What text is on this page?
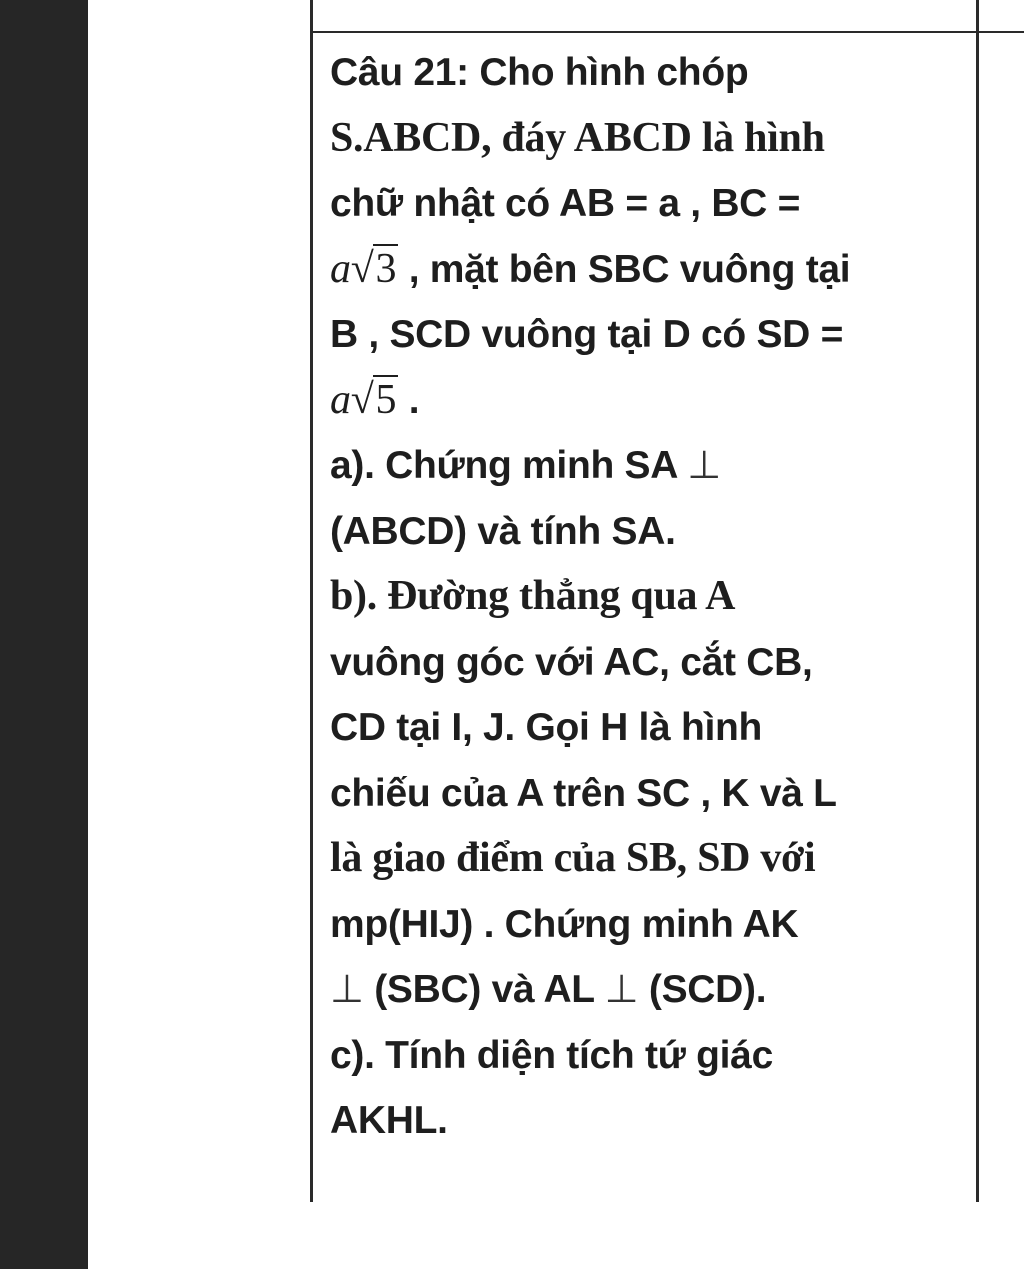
Câu 21: Cho hình chóp
S.ABCD, đáy ABCD là hình
chữ nhật có AB = a , BC =
a√3 , mặt bên SBC vuông tại
B , SCD vuông tại D có SD =
a√5 .
a). Chứng minh SA ⊥
(ABCD) và tính SA.
b). Đường thẳng qua A
vuông góc với AC, cắt CB,
CD tại I, J. Gọi H là hình
chiếu của A trên SC , K và L
là giao điểm của SB, SD với
mp(HIJ) . Chứng minh AK
⊥ (SBC) và AL ⊥ (SCD).
c). Tính diện tích tứ giác
AKHL.
